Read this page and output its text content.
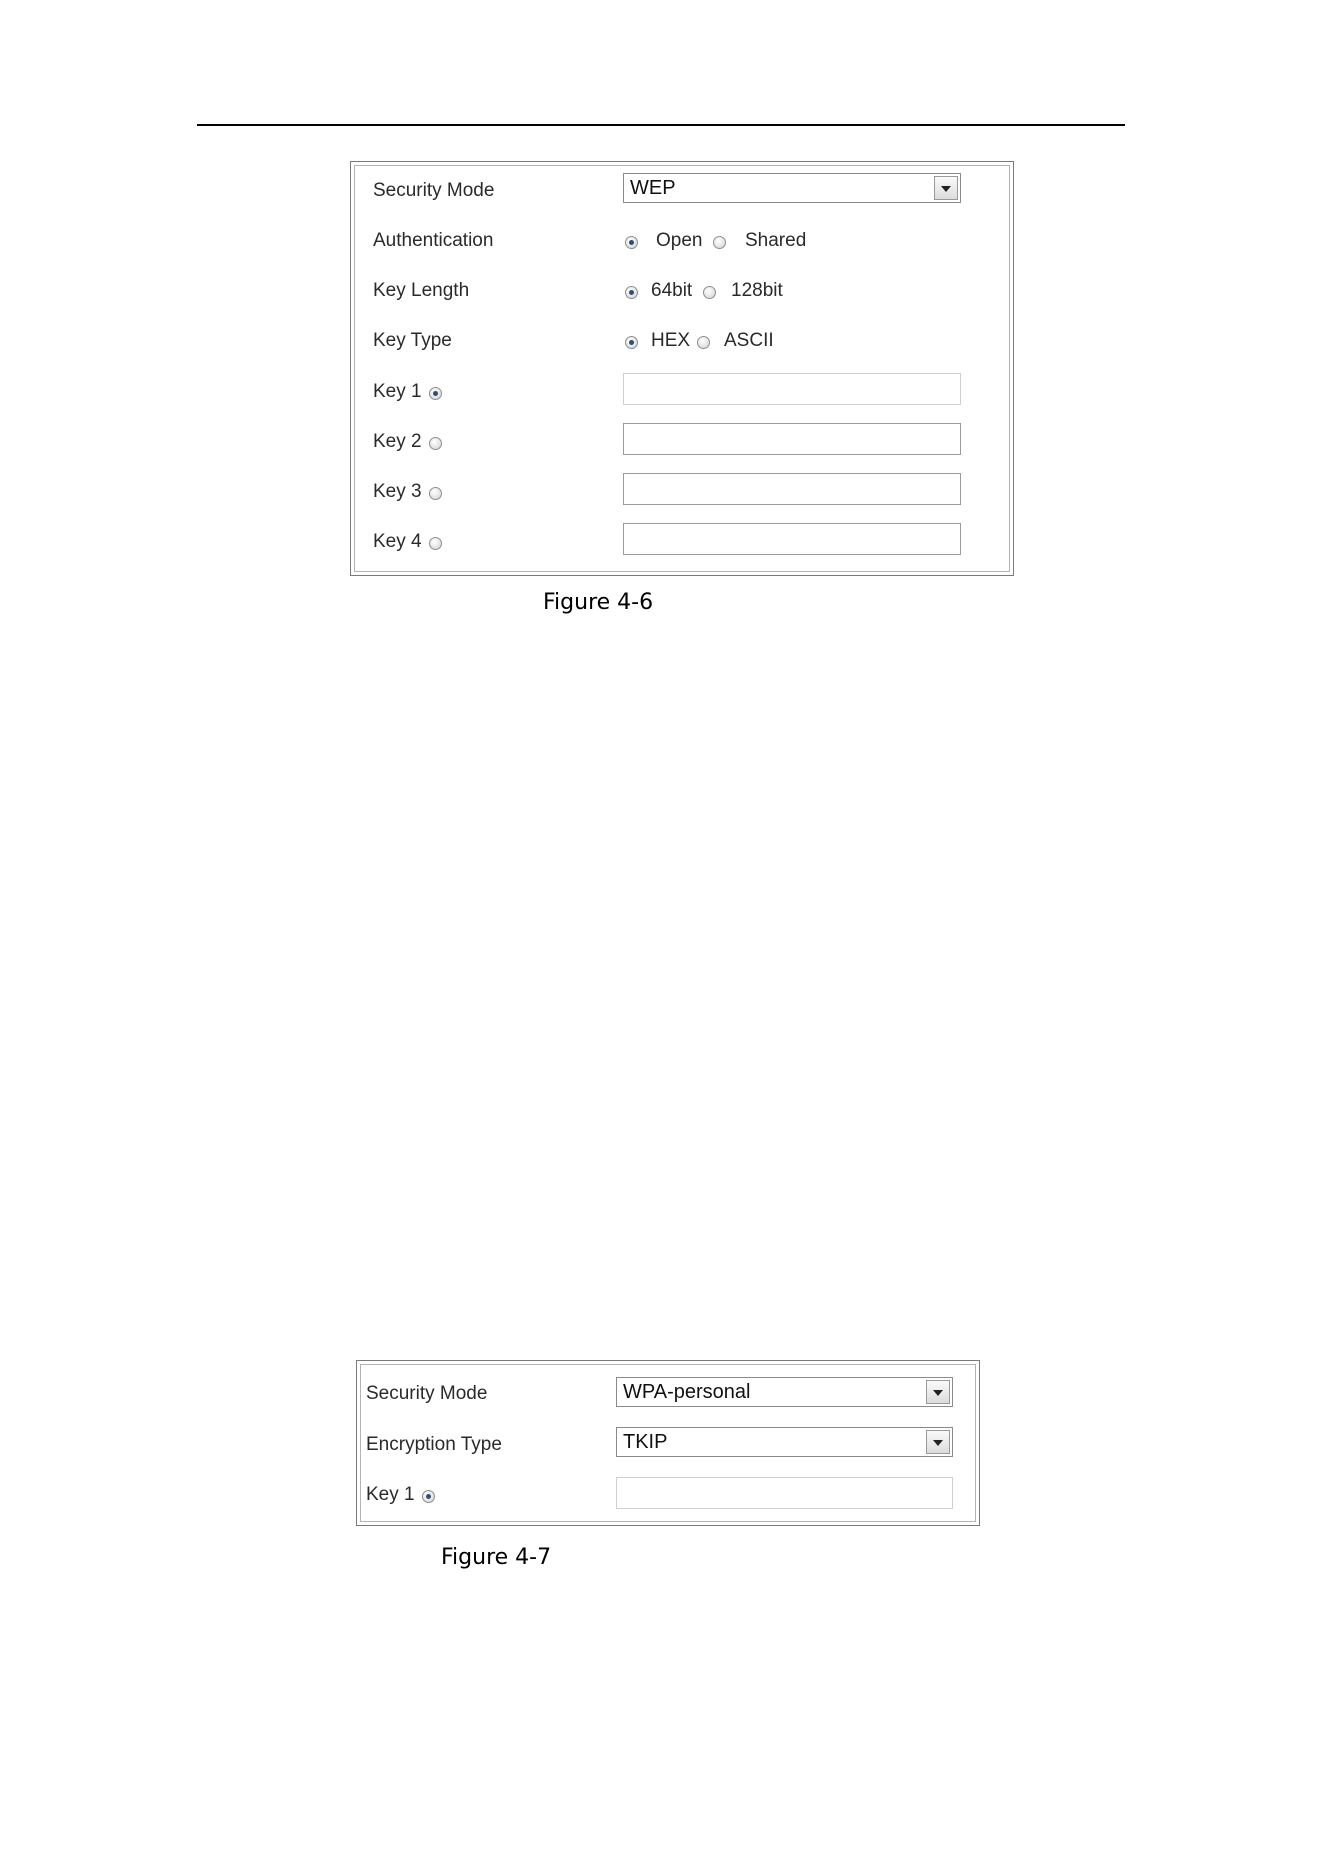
Security Mode	WEP
Authentication	Open Shared
Key Length	64bit 128bit
Key Type	HEX ASCII
Key 1
Key 2
Key 3
Key 4
Figure 4-6
Security Mode	WPA-personal
Encryption Type	TKIP
Key 1
Figure 4-7
